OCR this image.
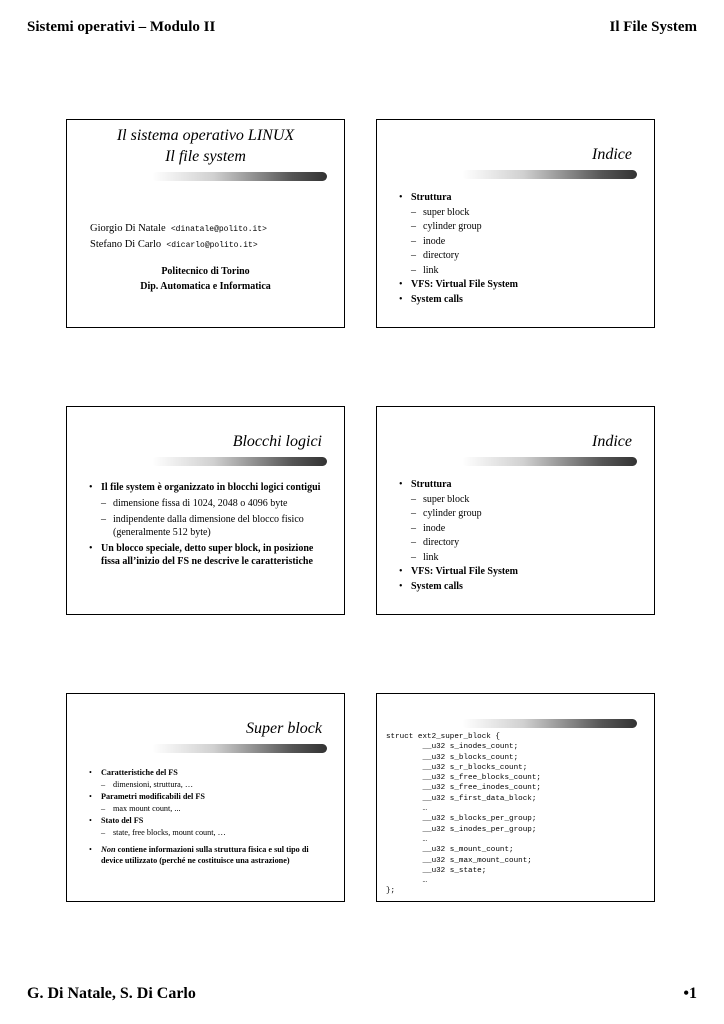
Sistemi operativi – Modulo II	Il File System
Il sistema operativo LINUX
Il file system
Giorgio Di Natale <dinatale@polito.it>
Stefano Di Carlo <dicarlo@polito.it>
Politecnico di Torino
Dip. Automatica e Informatica
Indice
• Struttura
– super block
– cylinder group
– inode
– directory
– link
• VFS: Virtual File System
• System calls
Blocchi logici
• Il file system è organizzato in blocchi logici contigui
– dimensione fissa di 1024, 2048 o 4096 byte
– indipendente dalla dimensione del blocco fisico (generalmente 512 byte)
• Un blocco speciale, detto super block, in posizione fissa all’inizio del FS ne descrive le caratteristiche
Indice
• Struttura
– super block
– cylinder group
– inode
– directory
– link
• VFS: Virtual File System
• System calls
Super block
• Caratteristiche del FS
– dimensioni, struttura, …
• Parametri modificabili del FS
– max mount count, ...
• Stato del FS
– state, free blocks, mount count, …
• Non contiene informazioni sulla struttura fisica e sul tipo di device utilizzato (perché ne costituisce una astrazione)
struct ext2_super_block {
__u32 s_inodes_count;
__u32 s_blocks_count;
__u32 s_r_blocks_count;
__u32 s_free_blocks_count;
__u32 s_free_inodes_count;
__u32 s_first_data_block;
…
__u32 s_blocks_per_group;
__u32 s_inodes_per_group;
…
__u32 s_mount_count;
__u32 s_max_mount_count;
__u32 s_state;
…
};
G. Di Natale, S. Di Carlo	•1
